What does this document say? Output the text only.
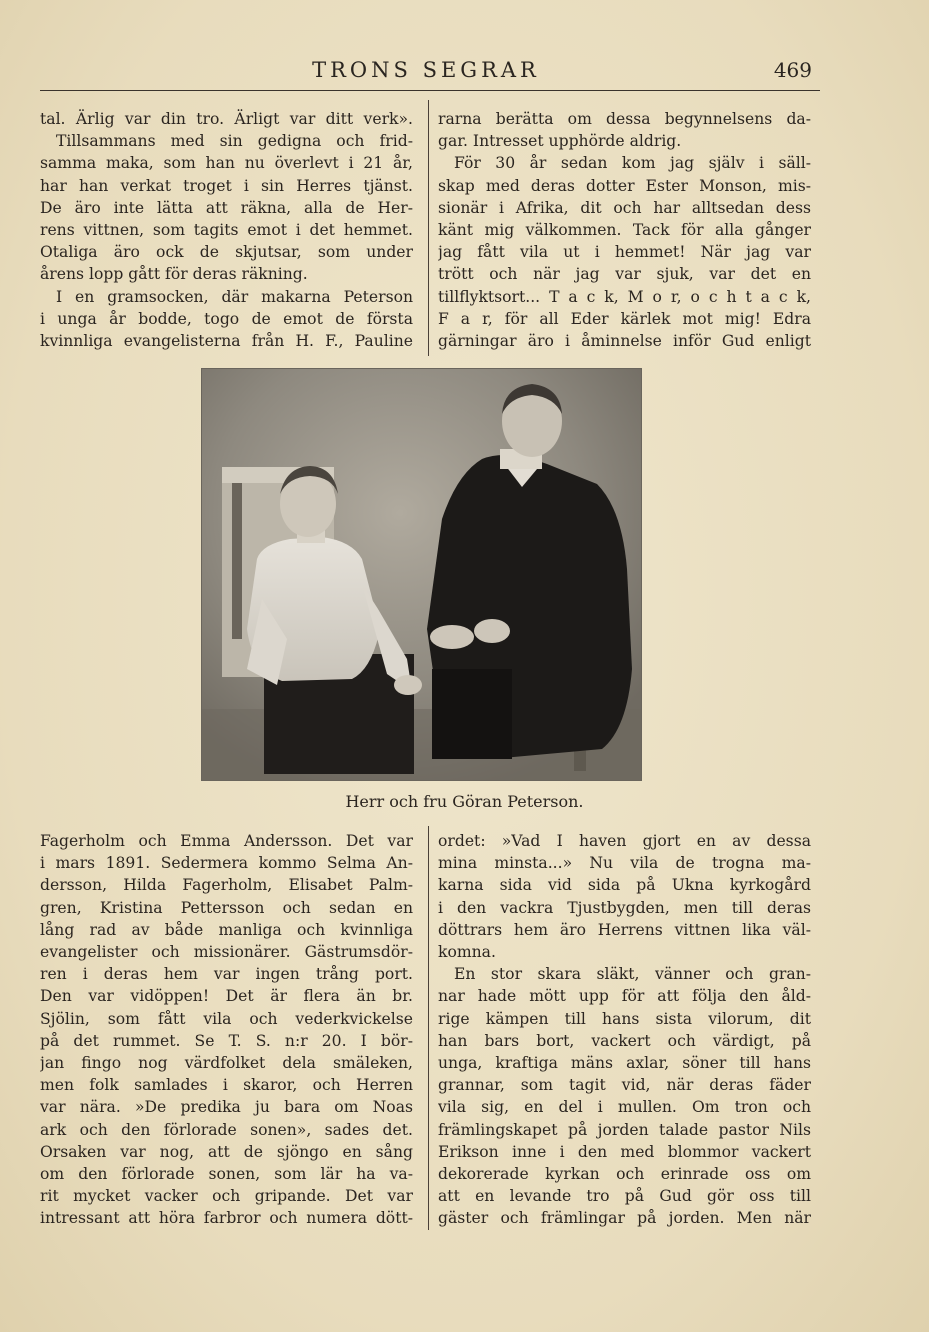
TRONS SEGRAR	469
tal. Ärlig var din tro. Ärligt var ditt verk».
Tillsammans med sin gedigna och frid-
samma maka, som han nu överlevt i 21 år,
har han verkat troget i sin Herres tjänst.
De äro inte lätta att räkna, alla de Her-
rens vittnen, som tagits emot i det hemmet.
Otaliga äro ock de skjutsar, som under
årens lopp gått för deras räkning.
I en gramsocken, där makarna Peterson
i unga år bodde, togo de emot de första
kvinnliga evangelisterna från H. F., Pauline
rarna berätta om dessa begynnelsens da-
gar. Intresset upphörde aldrig.
För 30 år sedan kom jag själv i säll-
skap med deras dotter Ester Monson, mis-
sionär i Afrika, dit och har alltsedan dess
känt mig välkommen. Tack för alla gånger
jag fått vila ut i hemmet! När jag var
trött och när jag var sjuk, var det en
tillflyktsort... T a c k, M o r, o c h t a c k,
F a r, för all Eder kärlek mot mig! Edra
gärningar äro i åminnelse inför Gud enligt
Herr och fru Göran Peterson.
Fagerholm och Emma Andersson. Det var
i mars 1891. Sedermera kommo Selma An-
dersson, Hilda Fagerholm, Elisabet Palm-
gren, Kristina Pettersson och sedan en
lång rad av både manliga och kvinnliga
evangelister och missionärer. Gästrumsdör-
ren i deras hem var ingen trång port.
Den var vidöppen! Det är flera än br.
Sjölin, som fått vila och vederkvickelse
på det rummet. Se T. S. n:r 20. I bör-
jan fingo nog värdfolket dela smäleken,
men folk samlades i skaror, och Herren
var nära. »De predika ju bara om Noas
ark och den förlorade sonen», sades det.
Orsaken var nog, att de sjöngo en sång
om den förlorade sonen, som lär ha va-
rit mycket vacker och gripande. Det var
intressant att höra farbror och numera dött-
ordet: »Vad I haven gjort en av dessa
mina minsta...» Nu vila de trogna ma-
karna sida vid sida på Ukna kyrkogård
i den vackra Tjustbygden, men till deras
döttrars hem äro Herrens vittnen lika väl-
komna.
En stor skara släkt, vänner och gran-
nar hade mött upp för att följa den åld-
rige kämpen till hans sista vilorum, dit
han bars bort, vackert och värdigt, på
unga, kraftiga mäns axlar, söner till hans
grannar, som tagit vid, när deras fäder
vila sig, en del i mullen. Om tron och
främlingskapet på jorden talade pastor Nils
Erikson inne i den med blommor vackert
dekorerade kyrkan och erinrade oss om
att en levande tro på Gud gör oss till
gäster och främlingar på jorden. Men när
